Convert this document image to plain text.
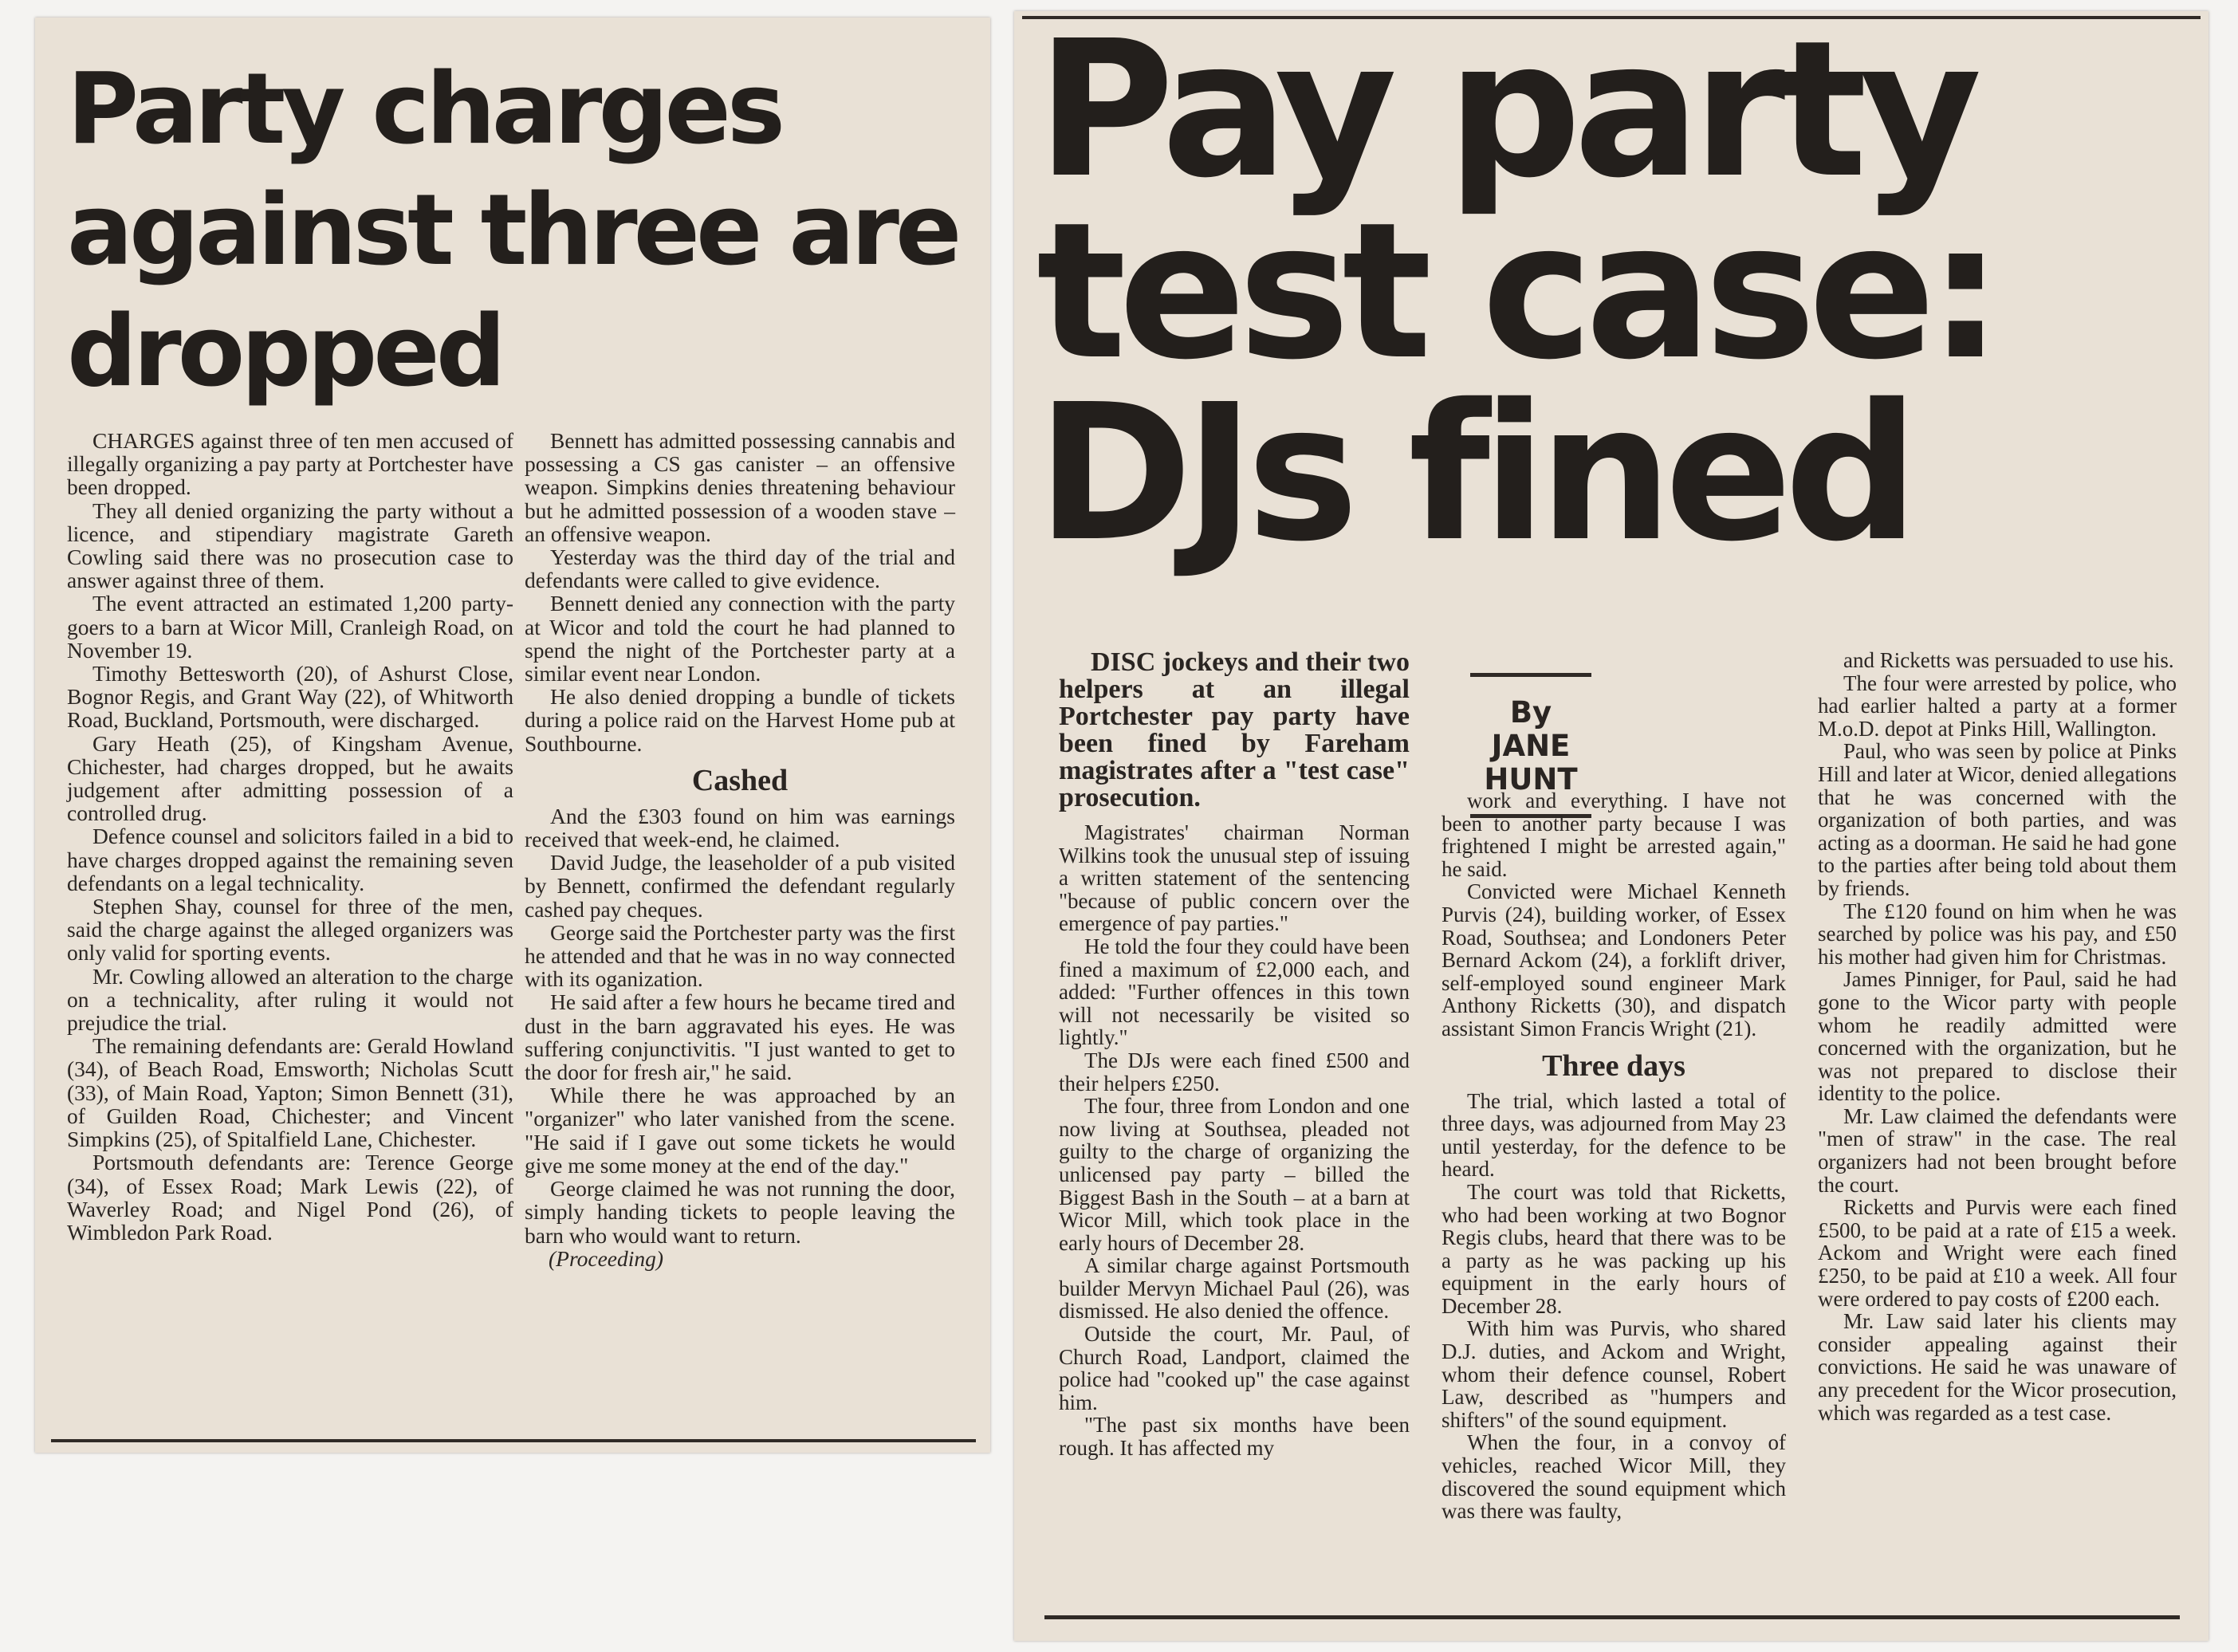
Party charges against three are dropped

CHARGES against three of ten men accused of illegally organizing a pay party at Portchester have been dropped.

They all denied organizing the party without a licence, and stipendiary magistrate Gareth Cowling said there was no prosecution case to answer against three of them.

The event attracted an estimated 1,200 party-goers to a barn at Wicor Mill, Cranleigh Road, on November 19.

Timothy Bettesworth (20), of Ashurst Close, Bognor Regis, and Grant Way (22), of Whitworth Road, Buckland, Portsmouth, were discharged.

Gary Heath (25), of Kingsham Avenue, Chichester, had charges dropped, but he awaits judgement after admitting possession of a controlled drug.

Defence counsel and solicitors failed in a bid to have charges dropped against the remaining seven defendants on a legal technicality.

Stephen Shay, counsel for three of the men, said the charge against the alleged organizers was only valid for sporting events.

Mr. Cowling allowed an alteration to the charge on a technicality, after ruling it would not prejudice the trial.

The remaining defendants are: Gerald Howland (34), of Beach Road, Emsworth; Nicholas Scutt (33), of Main Road, Yapton; Simon Bennett (31), of Guilden Road, Chichester; and Vincent Simpkins (25), of Spitalfield Lane, Chichester.

Portsmouth defendants are: Terence George (34), of Essex Road; Mark Lewis (22), of Waverley Road; and Nigel Pond (26), of Wimbledon Park Road.

Bennett has admitted possessing cannabis and possessing a CS gas canister – an offensive weapon. Simpkins denies threatening behaviour but he admitted possession of a wooden stave – an offensive weapon.

Yesterday was the third day of the trial and defendants were called to give evidence.

Bennett denied any connection with the party at Wicor and told the court he had planned to spend the night of the Portchester party at a similar event near London.

He also denied dropping a bundle of tickets during a police raid on the Harvest Home pub at Southbourne.

Cashed

And the £303 found on him was earnings received that week-end, he claimed.

David Judge, the leaseholder of a pub visited by Bennett, confirmed the defendant regularly cashed pay cheques.

George said the Portchester party was the first he attended and that he was in no way connected with its oganization.

He said after a few hours he became tired and dust in the barn aggravated his eyes. He was suffering conjunctivitis. "I just wanted to get to the door for fresh air," he said.

While there he was approached by an "organizer" who later vanished from the scene. "He said if I gave out some tickets he would give me some money at the end of the day."

George claimed he was not running the door, simply handing tickets to people leaving the barn who would want to return.

(Proceeding)

Pay party
test case:
DJs fined
DISC jockeys and their two helpers at an illegal Portchester pay party have been fined by Fareham magistrates after a "test case" prosecution.
By JANE
HUNT

Magistrates' chairman Norman Wilkins took the unusual step of issuing a written statement of the sentencing "because of public concern over the emergence of pay parties."

He told the four they could have been fined a maximum of £2,000 each, and added: "Further offences in this town will not necessarily be visited so lightly."

The DJs were each fined £500 and their helpers £250.

The four, three from London and one now living at Southsea, pleaded not guilty to the charge of organizing the unlicensed pay party – billed the Biggest Bash in the South – at a barn at Wicor Mill, which took place in the early hours of December 28.

A similar charge against Portsmouth builder Mervyn Michael Paul (26), was dismissed. He also denied the offence.

Outside the court, Mr. Paul, of Church Road, Landport, claimed the police had "cooked up" the case against him.

"The past six months have been rough. It has affected my

work and everything. I have not been to another party because I was frightened I might be arrested again," he said.

Convicted were Michael Kenneth Purvis (24), building worker, of Essex Road, Southsea; and Londoners Peter Bernard Ackom (24), a forklift driver, self-employed sound engineer Mark Anthony Ricketts (30), and dispatch assistant Simon Francis Wright (21).

Three days

The trial, which lasted a total of three days, was adjourned from May 23 until yesterday, for the defence to be heard.

The court was told that Ricketts, who had been working at two Bognor Regis clubs, heard that there was to be a party as he was packing up his equipment in the early hours of December 28.

With him was Purvis, who shared D.J. duties, and Ackom and Wright, whom their defence counsel, Robert Law, described as "humpers and shifters" of the sound equipment.

When the four, in a convoy of vehicles, reached Wicor Mill, they discovered the sound equipment which was there was faulty,

and Ricketts was persuaded to use his.

The four were arrested by police, who had earlier halted a party at a former M.o.D. depot at Pinks Hill, Wallington.

Paul, who was seen by police at Pinks Hill and later at Wicor, denied allegations that he was concerned with the organization of both parties, and was acting as a doorman. He said he had gone to the parties after being told about them by friends.

The £120 found on him when he was searched by police was his pay, and £50 his mother had given him for Christmas.

James Pinniger, for Paul, said he had gone to the Wicor party with people whom he readily admitted were concerned with the organization, but he was not prepared to disclose their identity to the police.

Mr. Law claimed the defendants were "men of straw" in the case. The real organizers had not been brought before the court.

Ricketts and Purvis were each fined £500, to be paid at a rate of £15 a week. Ackom and Wright were each fined £250, to be paid at £10 a week. All four were ordered to pay costs of £200 each.

Mr. Law said later his clients may consider appealing against their convictions. He said he was unaware of any precedent for the Wicor prosecution, which was regarded as a test case.
